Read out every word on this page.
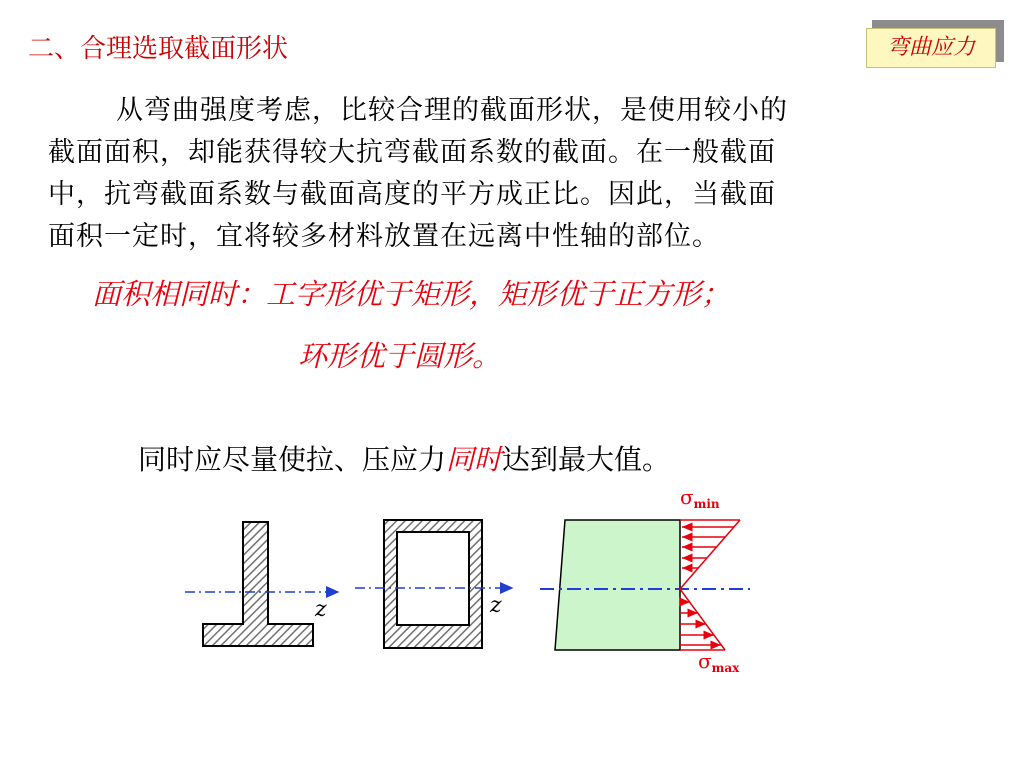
二、合理选取截面形状	弯曲应力
从弯曲强度考虑，比较合理的截面形状，是使用较小的
截面面积，却能获得较大抗弯截面系数的截面。在一般截面
中，抗弯截面系数与截面高度的平方成正比。因此，当截面
面积一定时，宜将较多材料放置在远离中性轴的部位。
面积相同时：工字形优于矩形，矩形优于正方形；
环形优于圆形。
同时应尽量使拉、压应力同时达到最大值。
z	z
$\sigma_{min}$
$\sigma_{max}$
